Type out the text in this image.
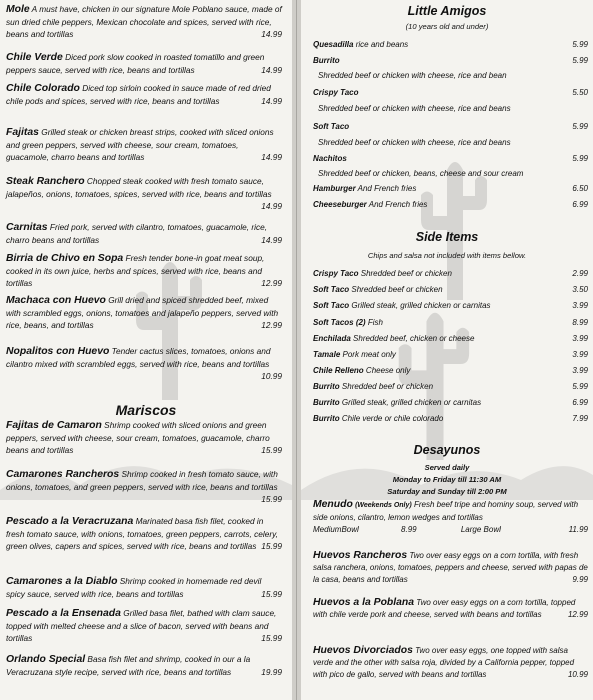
Mole A must have, chicken in our signature Mole Poblano sauce, made of sun dried chile peppers, Mexican chocolate and spices, served with rice, beans and tortillas	14.99
Chile Verde Diced pork slow cooked in roasted tomatillo and green peppers sauce, served with rice, beans and tortillas	14.99
Chile Colorado Diced top sirloin cooked in sauce made of red dried chile pods and spices, served with rice, beans and tortillas	14.99
Fajitas Grilled steak or chicken breast strips, cooked with sliced onions and green peppers, served with cheese, sour cream, tomatoes, guacamole, charro beans and tortillas	14.99
Steak Ranchero Chopped steak cooked with fresh tomato sauce, jalapeños, onions, tomatoes, spices, served with rice, beans and tortillas
14.99
Carnitas Fried pork, served with cilantro, tomatoes, guacamole, rice, charro beans and tortillas	14.99
Birria de Chivo en Sopa Fresh tender bone-in goat meat soup, cooked in its own juice, herbs and spices, served with rice, beans and tortillas	12.99
Machaca con Huevo Grill dried and spiced shredded beef, mixed with scrambled eggs, onions, tomatoes and jalapeño peppers, served with rice, beans, and tortillas	12.99
Nopalitos con Huevo Tender cactus slices, tomatoes, onions and cilantro mixed with scrambled eggs, served with rice, beans and tortillas
10.99
Mariscos
Fajitas de Camaron Shrimp cooked with sliced onions and green peppers, served with cheese, sour cream, tomatoes, guacamole, charro beans and tortillas	15.99
Camarones Rancheros Shrimp cooked in fresh tomato sauce, with onions, tomatoes, and green peppers, served with rice, beans and tortillas
15.99
Pescado a la Veracruzana Marinated basa fish filet, cooked in fresh tomato sauce, with onions, tomatoes, green peppers, carrots, celery, green olives, capers and spices, served with rice, beans and tortillas 15.99
Camarones a la Diablo Shrimp cooked in homemade red devil spicy sauce, served with rice, beans and tortillas	15.99
Pescado a la Ensenada Grilled basa filet, bathed with clam sauce, topped with melted cheese and a slice of bacon, served with beans and tortillas	15.99
Orlando Special Basa fish filet and shrimp, cooked in our a la Veracruzana style recipe, served with rice, beans and tortillas	19.99
Little Amigos
(10 years old and under)
Quesadilla rice and beans	5.99
Burrito	5.99
Shredded beef or chicken with cheese, rice and bean
Crispy Taco	5.50
Shredded beef or chicken with cheese, rice and beans
Soft Taco	5.99
Shredded beef or chicken with cheese, rice and beans
Nachitos	5.99
Shredded beef or chicken, beans, cheese and sour cream
Hamburger And French fries	6.50
Cheeseburger And French fries	6.99
Side Items
Chips and salsa not included with items bellow.
Crispy Taco Shredded beef or chicken	2.99
Soft Taco Shredded beef or chicken	3.50
Soft Taco Grilled steak, grilled chicken or carnitas	3.99
Soft Tacos (2) Fish	8.99
Enchilada Shredded beef, chicken or cheese	3.99
Tamale Pork meat only	3.99
Chile Relleno Cheese only	3.99
Burrito Shredded beef or chicken	5.99
Burrito Grilled steak, grilled chicken or carnitas	6.99
Burrito Chile verde or chile colorado	7.99
Desayunos
Served daily
Monday to Friday till 11:30 AM
Saturday and Sunday till 2:00 PM
Menudo (Weekends Only) Fresh beef tripe and hominy soup, served with side onions, cilantro, lemon wedges and tortillas
MediumBowl	8.99	Large Bowl	11.99
Huevos Rancheros Two over easy eggs on a corn tortilla, with fresh salsa ranchera, onions, tomatoes, peppers and cheese, served with papas de la casa, beans and tortillas	9.99
Huevos a la Poblana Two over easy eggs on a corn tortilla, topped with chile verde pork and cheese, served with beans and tortillas	12.99
Huevos Divorciados Two over easy eggs, one topped with salsa verde and the other with salsa roja, divided by a California pepper, topped with pico de gallo, served with beans and tortillas	10.99
